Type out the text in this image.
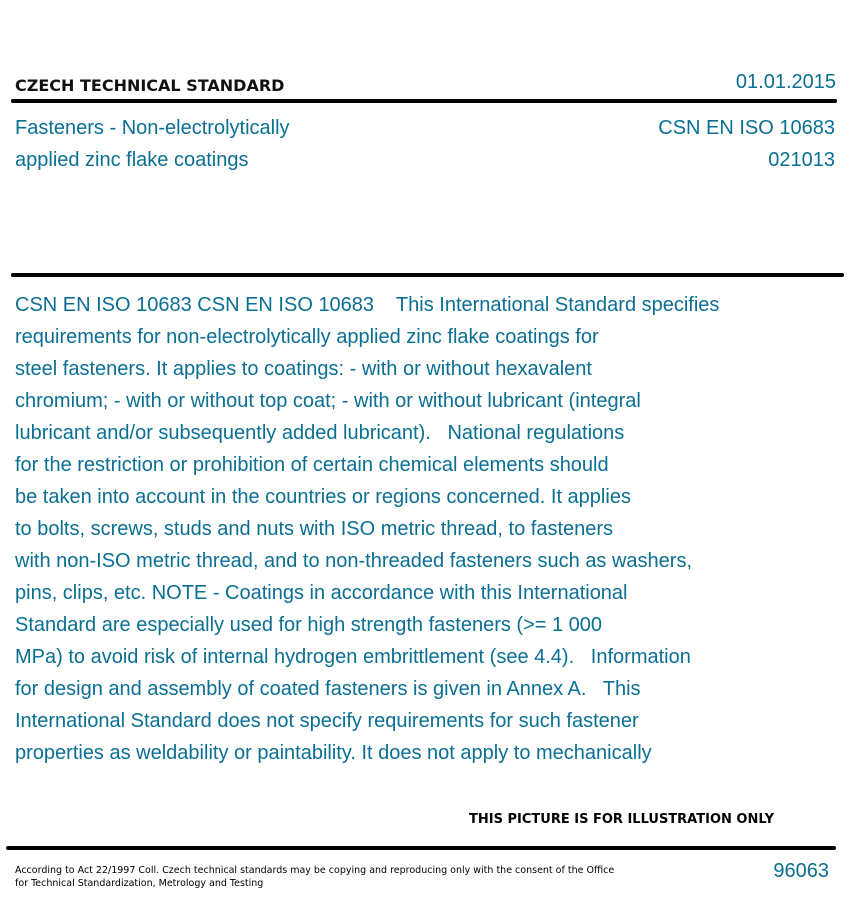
CZECH TECHNICAL STANDARD	01.01.2015
Fasteners - Non-electrolytically
applied zinc flake coatings
CSN EN ISO 10683
021013
CSN EN ISO 10683 CSN EN ISO 10683    This International Standard specifies
requirements for non-electrolytically applied zinc flake coatings for
steel fasteners. It applies to coatings: - with or without hexavalent
chromium; - with or without top coat; - with or without lubricant (integral
lubricant and/or subsequently added lubricant).   National regulations
for the restriction or prohibition of certain chemical elements should
be taken into account in the countries or regions concerned. It applies
to bolts, screws, studs and nuts with ISO metric thread, to fasteners
with non-ISO metric thread, and to non-threaded fasteners such as washers,
pins, clips, etc. NOTE - Coatings in accordance with this International
Standard are especially used for high strength fasteners (>= 1 000
MPa) to avoid risk of internal hydrogen embrittlement (see 4.4).   Information
for design and assembly of coated fasteners is given in Annex A.   This
International Standard does not specify requirements for such fastener
properties as weldability or paintability. It does not apply to mechanically
THIS PICTURE IS FOR ILLUSTRATION ONLY
According to Act 22/1997 Coll. Czech technical standards may be copying and reproducing only with the consent of the Office
for Technical Standardization, Metrology and Testing
96063
